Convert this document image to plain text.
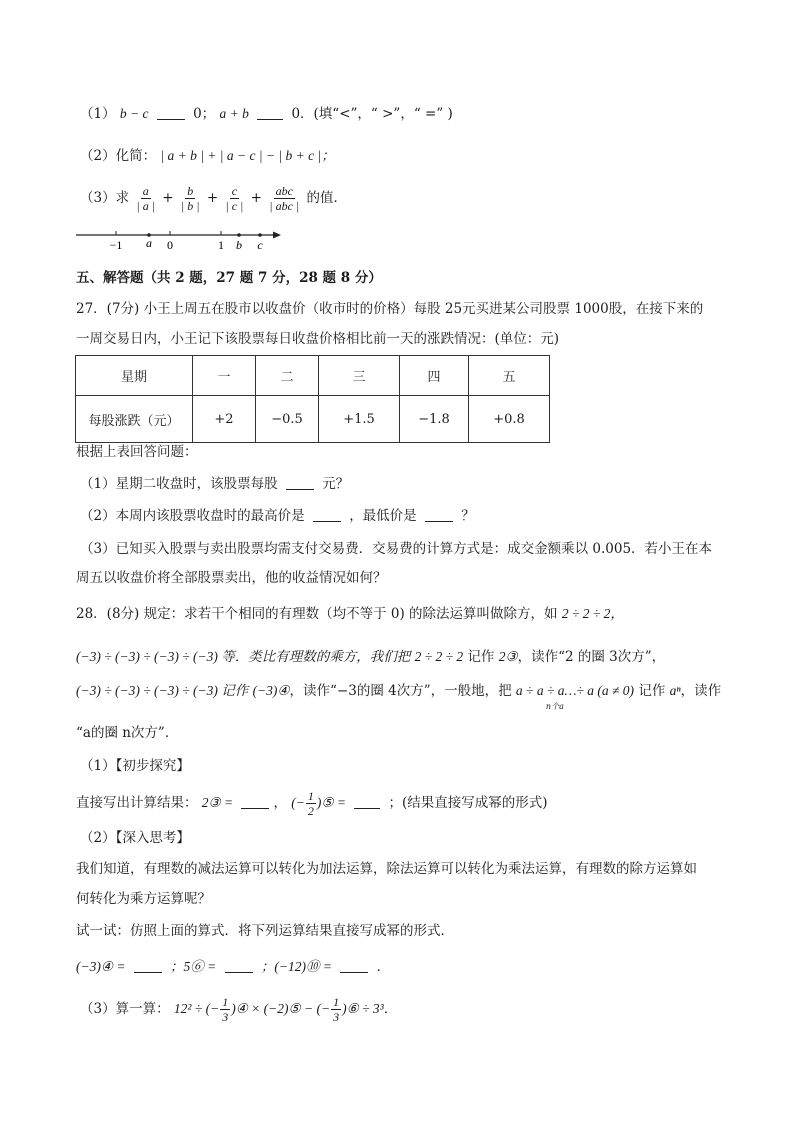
（1） b − c	0； a + b	0．(填“<”，“ >”，“ =” )
（2）化简： | a + b | + | a − c | − | b + c |；
（3）求 $\frac{a}{| a |} + \frac{b}{| b |} + \frac{c}{| c |} + \frac{\text{abc}}{\text{| abc |}}$ 的值．
−1 a 0	1 b c
五、解答题（共 2 题，27 题 7 分，28 题 8 分）
27．(7分) 小王上周五在股市以收盘价（收市时的价格）每股 25元买进某公司股票 1000股，在接下来的
一周交易日内，小王记下该股票每日收盘价格相比前一天的涨跌情况：(单位：元)
星期	一	二	三	四	五
每股涨跌（元）	+2	−0.5	+1.5	−1.8	+0.8
根据上表回答问题：
（1）星期二收盘时，该股票每股	元？
（2）本周内该股票收盘时的最高价是	，最低价是	？
（3）已知买入股票与卖出股票均需支付交易费．交易费的计算方式是：成交金额乘以 0.005．若小王在本
周五以收盘价将全部股票卖出，他的收益情况如何？
28．(8分) 规定：求若干个相同的有理数（均不等于 0) 的除法运算叫做除方，如 2 ÷ 2 ÷ 2，
(−3) ÷ (−3) ÷ (−3) ÷ (−3) 等．类比有理数的乘方，我们把 2 ÷ 2 ÷ 2 记作 2③，读作“2 的圈 3次方”，
(−3) ÷ (−3) ÷ (−3) ÷ (−3) 记作 (−3)④，读作“−3的圈 4次方”，一般地，把 a ÷ a ÷ a…÷ a (a ≠ 0)
n个a
记作 aⁿ，读作
“a的圈 n次方”．
（1）【初步探究】
直接写出计算结果： 2③ =	， (− $\frac{1}{2}$ )⑤ =	；(结果直接写成幂的形式)
（2）【深入思考】
我们知道，有理数的减法运算可以转化为加法运算，除法运算可以转化为乘法运算，有理数的除方运算如
何转化为乘方运算呢？
试一试：仿照上面的算式．将下列运算结果直接写成幂的形式．
(−3)④ =	；5⑥ =	；(−12)⑩ =	．
（3）算一算： 12² ÷ (− $\frac{1}{3}$ )④ × (−2)⑤ − (− $\frac{1}{3}$ )⑥ ÷ 3³．
